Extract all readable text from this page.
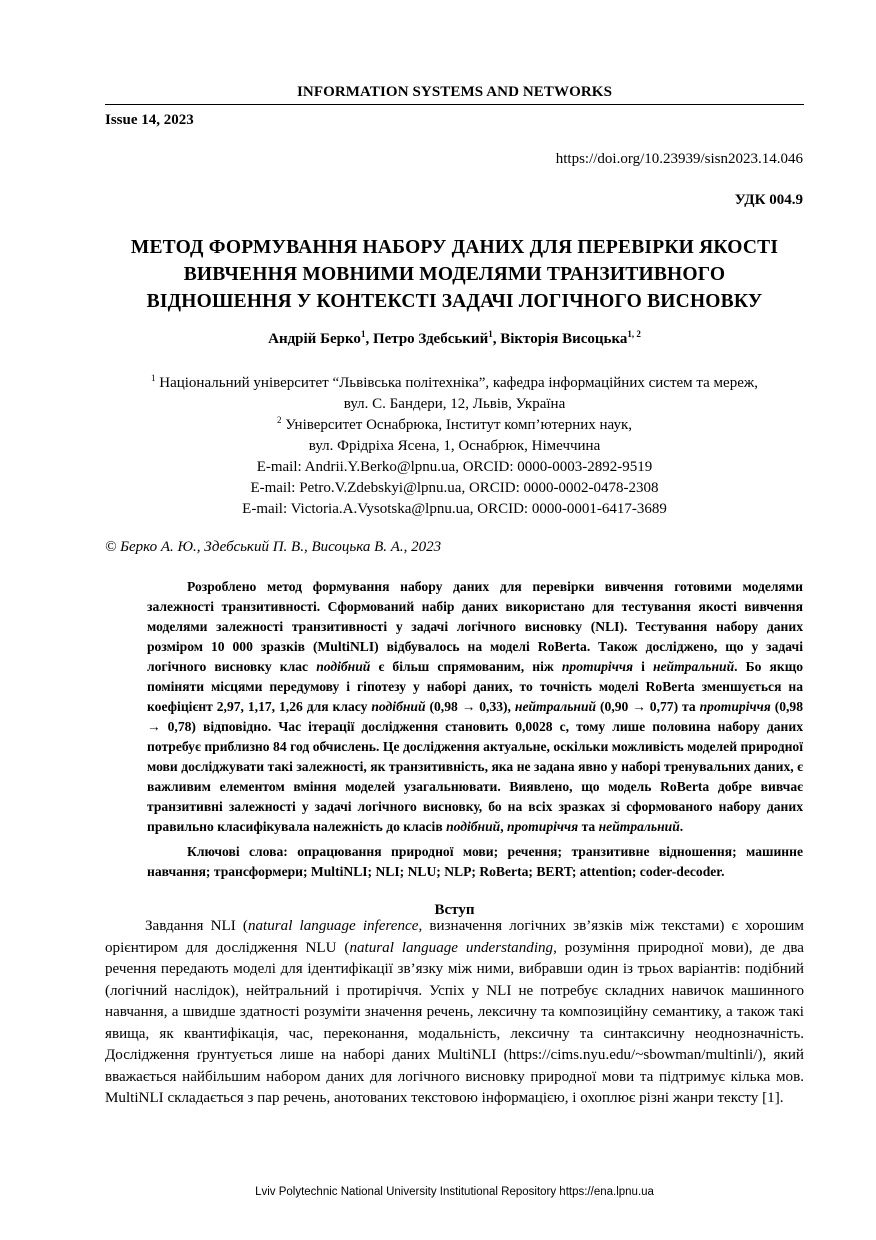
INFORMATION SYSTEMS AND NETWORKS
Issue 14, 2023
https://doi.org/10.23939/sisn2023.14.046
УДК 004.9
МЕТОД ФОРМУВАННЯ НАБОРУ ДАНИХ ДЛЯ ПЕРЕВІРКИ ЯКОСТІ
ВИВЧЕННЯ МОВНИМИ МОДЕЛЯМИ ТРАНЗИТИВНОГО
ВІДНОШЕННЯ У КОНТЕКСТІ ЗАДАЧІ ЛОГІЧНОГО ВИСНОВКУ
Андрій Берко$^1$, Петро Здебський$^1$, Вікторія Висоцька$^{1, 2}$
$^1$ Національний університет “Львівська політехніка”, кафедра інформаційних систем та мереж,
вул. С. Бандери, 12, Львів, Україна
$^2$ Університет Оснабрюка, Інститут комп’ютерних наук,
вул. Фрідріха Ясена, 1, Оснабрюк, Німеччина
E-mail: Andrii.Y.Berko@lpnu.ua, ORCID: 0000-0003-2892-9519
E-mail: Petro.V.Zdebskyi@lpnu.ua, ORCID: 0000-0002-0478-2308
E-mail: Victoria.A.Vysotska@lpnu.ua, ORCID: 0000-0001-6417-3689
© Берко А. Ю., Здебський П. В., Висоцька В. А., 2023
Розроблено метод формування набору даних для перевірки вивчення готовими моделями залежності транзитивності. Сформований набір даних використано для тестування якості вивчення моделями залежності транзитивності у задачі логічного висновку (NLI). Тестування набору даних розміром 10 000 зразків (MultiNLI) відбувалось на моделі RoBerta. Також досліджено, що у задачі логічного висновку клас подібний є більш спрямованим, ніж протиріччя і нейтральний. Бо якщо поміняти місцями передумову і гіпотезу у наборі даних, то точність моделі RoBerta зменшується на коефіцієнт 2,97, 1,17, 1,26 для класу подібний (0,98 → 0,33), нейтральний (0,90 → 0,77) та протиріччя (0,98 → 0,78) відповідно. Час ітерації дослідження становить 0,0028 с, тому лише половина набору даних потребує приблизно 84 год обчислень. Це дослідження актуальне, оскільки можливість моделей природної мови досліджувати такі залежності, як транзитивність, яка не задана явно у наборі тренувальних даних, є важливим елементом вміння моделей узагальнювати. Виявлено, що модель RoBerta добре вивчає транзитивні залежності у задачі логічного висновку, бо на всіх зразках зі сформованого набору даних правильно класифікувала належність до класів подібний, протиріччя та нейтральний.
Ключові слова: опрацювання природної мови; речення; транзитивне відношення; машинне навчання; трансформери; MultiNLI; NLI; NLU; NLP; RoBerta; BERT; attention; coder-decoder.
Вступ
Завдання NLI (natural language inference, визначення логічних зв’язків між текстами) є хорошим орієнтиром для дослідження NLU (natural language understanding, розуміння природної мови), де два речення передають моделі для ідентифікації зв’язку між ними, вибравши один із трьох варіантів: подібний (логічний наслідок), нейтральний і протиріччя. Успіх у NLI не потребує складних навичок машинного навчання, а швидше здатності розуміти значення речень, лексичну та композиційну семантику, а також такі явища, як квантифікація, час, переконання, модальність, лексичну та синтаксичну неоднозначність. Дослідження ґрунтується лише на наборі даних MultiNLI (https://cims.nyu.edu/~sbowman/multinli/), який вважається найбільшим набором даних для логічного висновку природної мови та підтримує кілька мов. MultiNLI складається з пар речень, анотованих текстовою інформацією, і охоплює різні жанри тексту [1].
Lviv Polytechnic National University Institutional Repository https://ena.lpnu.ua
